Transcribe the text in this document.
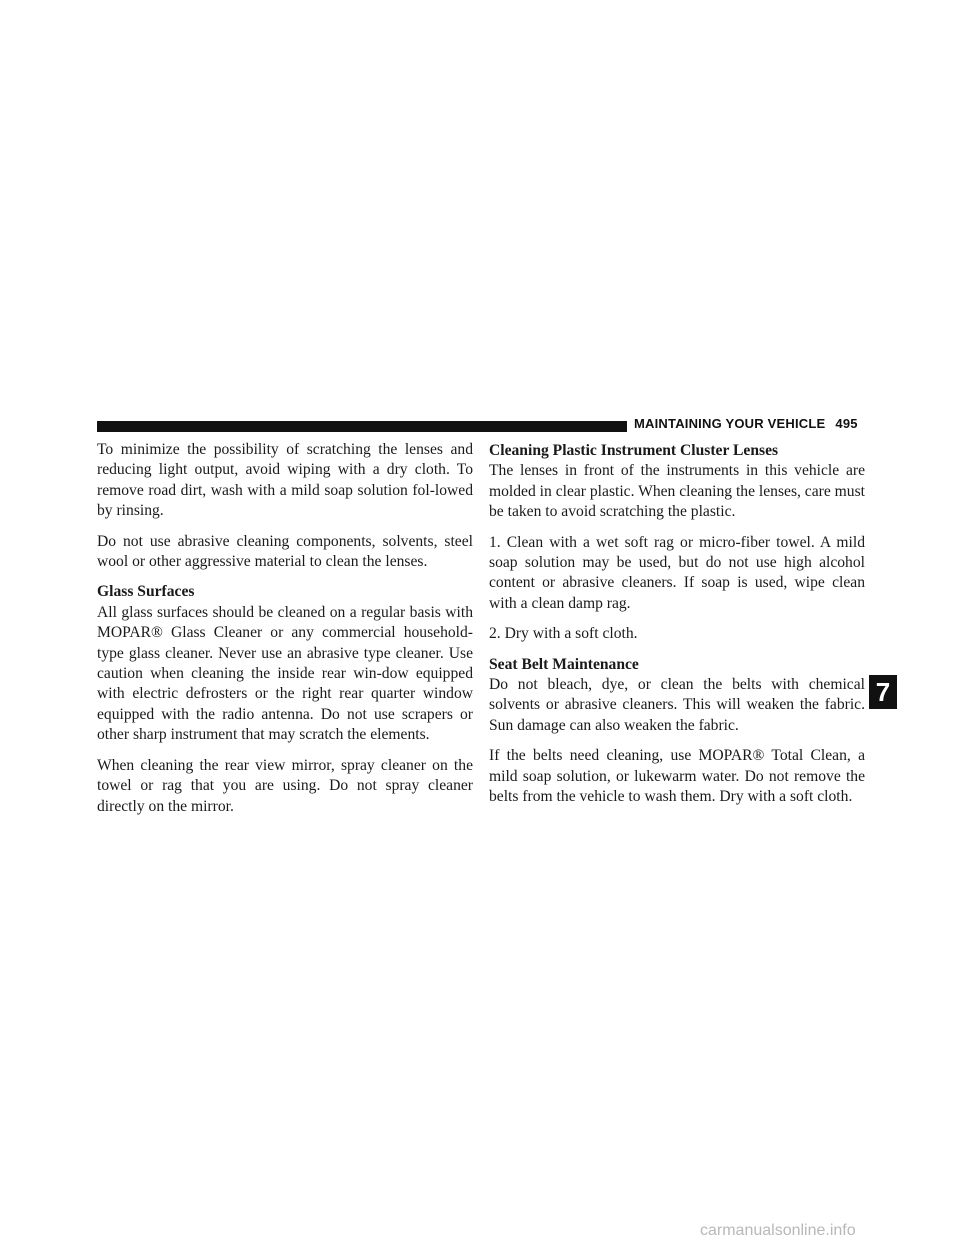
MAINTAINING YOUR VEHICLE 495

To minimize the possibility of scratching the lenses and reducing light output, avoid wiping with a dry cloth. To remove road dirt, wash with a mild soap solution fol-lowed by rinsing.

Do not use abrasive cleaning components, solvents, steel wool or other aggressive material to clean the lenses.

Glass Surfaces

All glass surfaces should be cleaned on a regular basis with MOPAR® Glass Cleaner or any commercial household-type glass cleaner. Never use an abrasive type cleaner. Use caution when cleaning the inside rear win-dow equipped with electric defrosters or the right rear quarter window equipped with the radio antenna. Do not use scrapers or other sharp instrument that may scratch the elements.

When cleaning the rear view mirror, spray cleaner on the towel or rag that you are using. Do not spray cleaner directly on the mirror.

Cleaning Plastic Instrument Cluster Lenses

The lenses in front of the instruments in this vehicle are molded in clear plastic. When cleaning the lenses, care must be taken to avoid scratching the plastic.

1. Clean with a wet soft rag or micro-fiber towel. A mild soap solution may be used, but do not use high alcohol content or abrasive cleaners. If soap is used, wipe clean with a clean damp rag.

2. Dry with a soft cloth.

Seat Belt Maintenance

Do not bleach, dye, or clean the belts with chemical solvents or abrasive cleaners. This will weaken the fabric. Sun damage can also weaken the fabric.

If the belts need cleaning, use MOPAR® Total Clean, a mild soap solution, or lukewarm water. Do not remove the belts from the vehicle to wash them. Dry with a soft cloth.

7
carmanualsonline.info
